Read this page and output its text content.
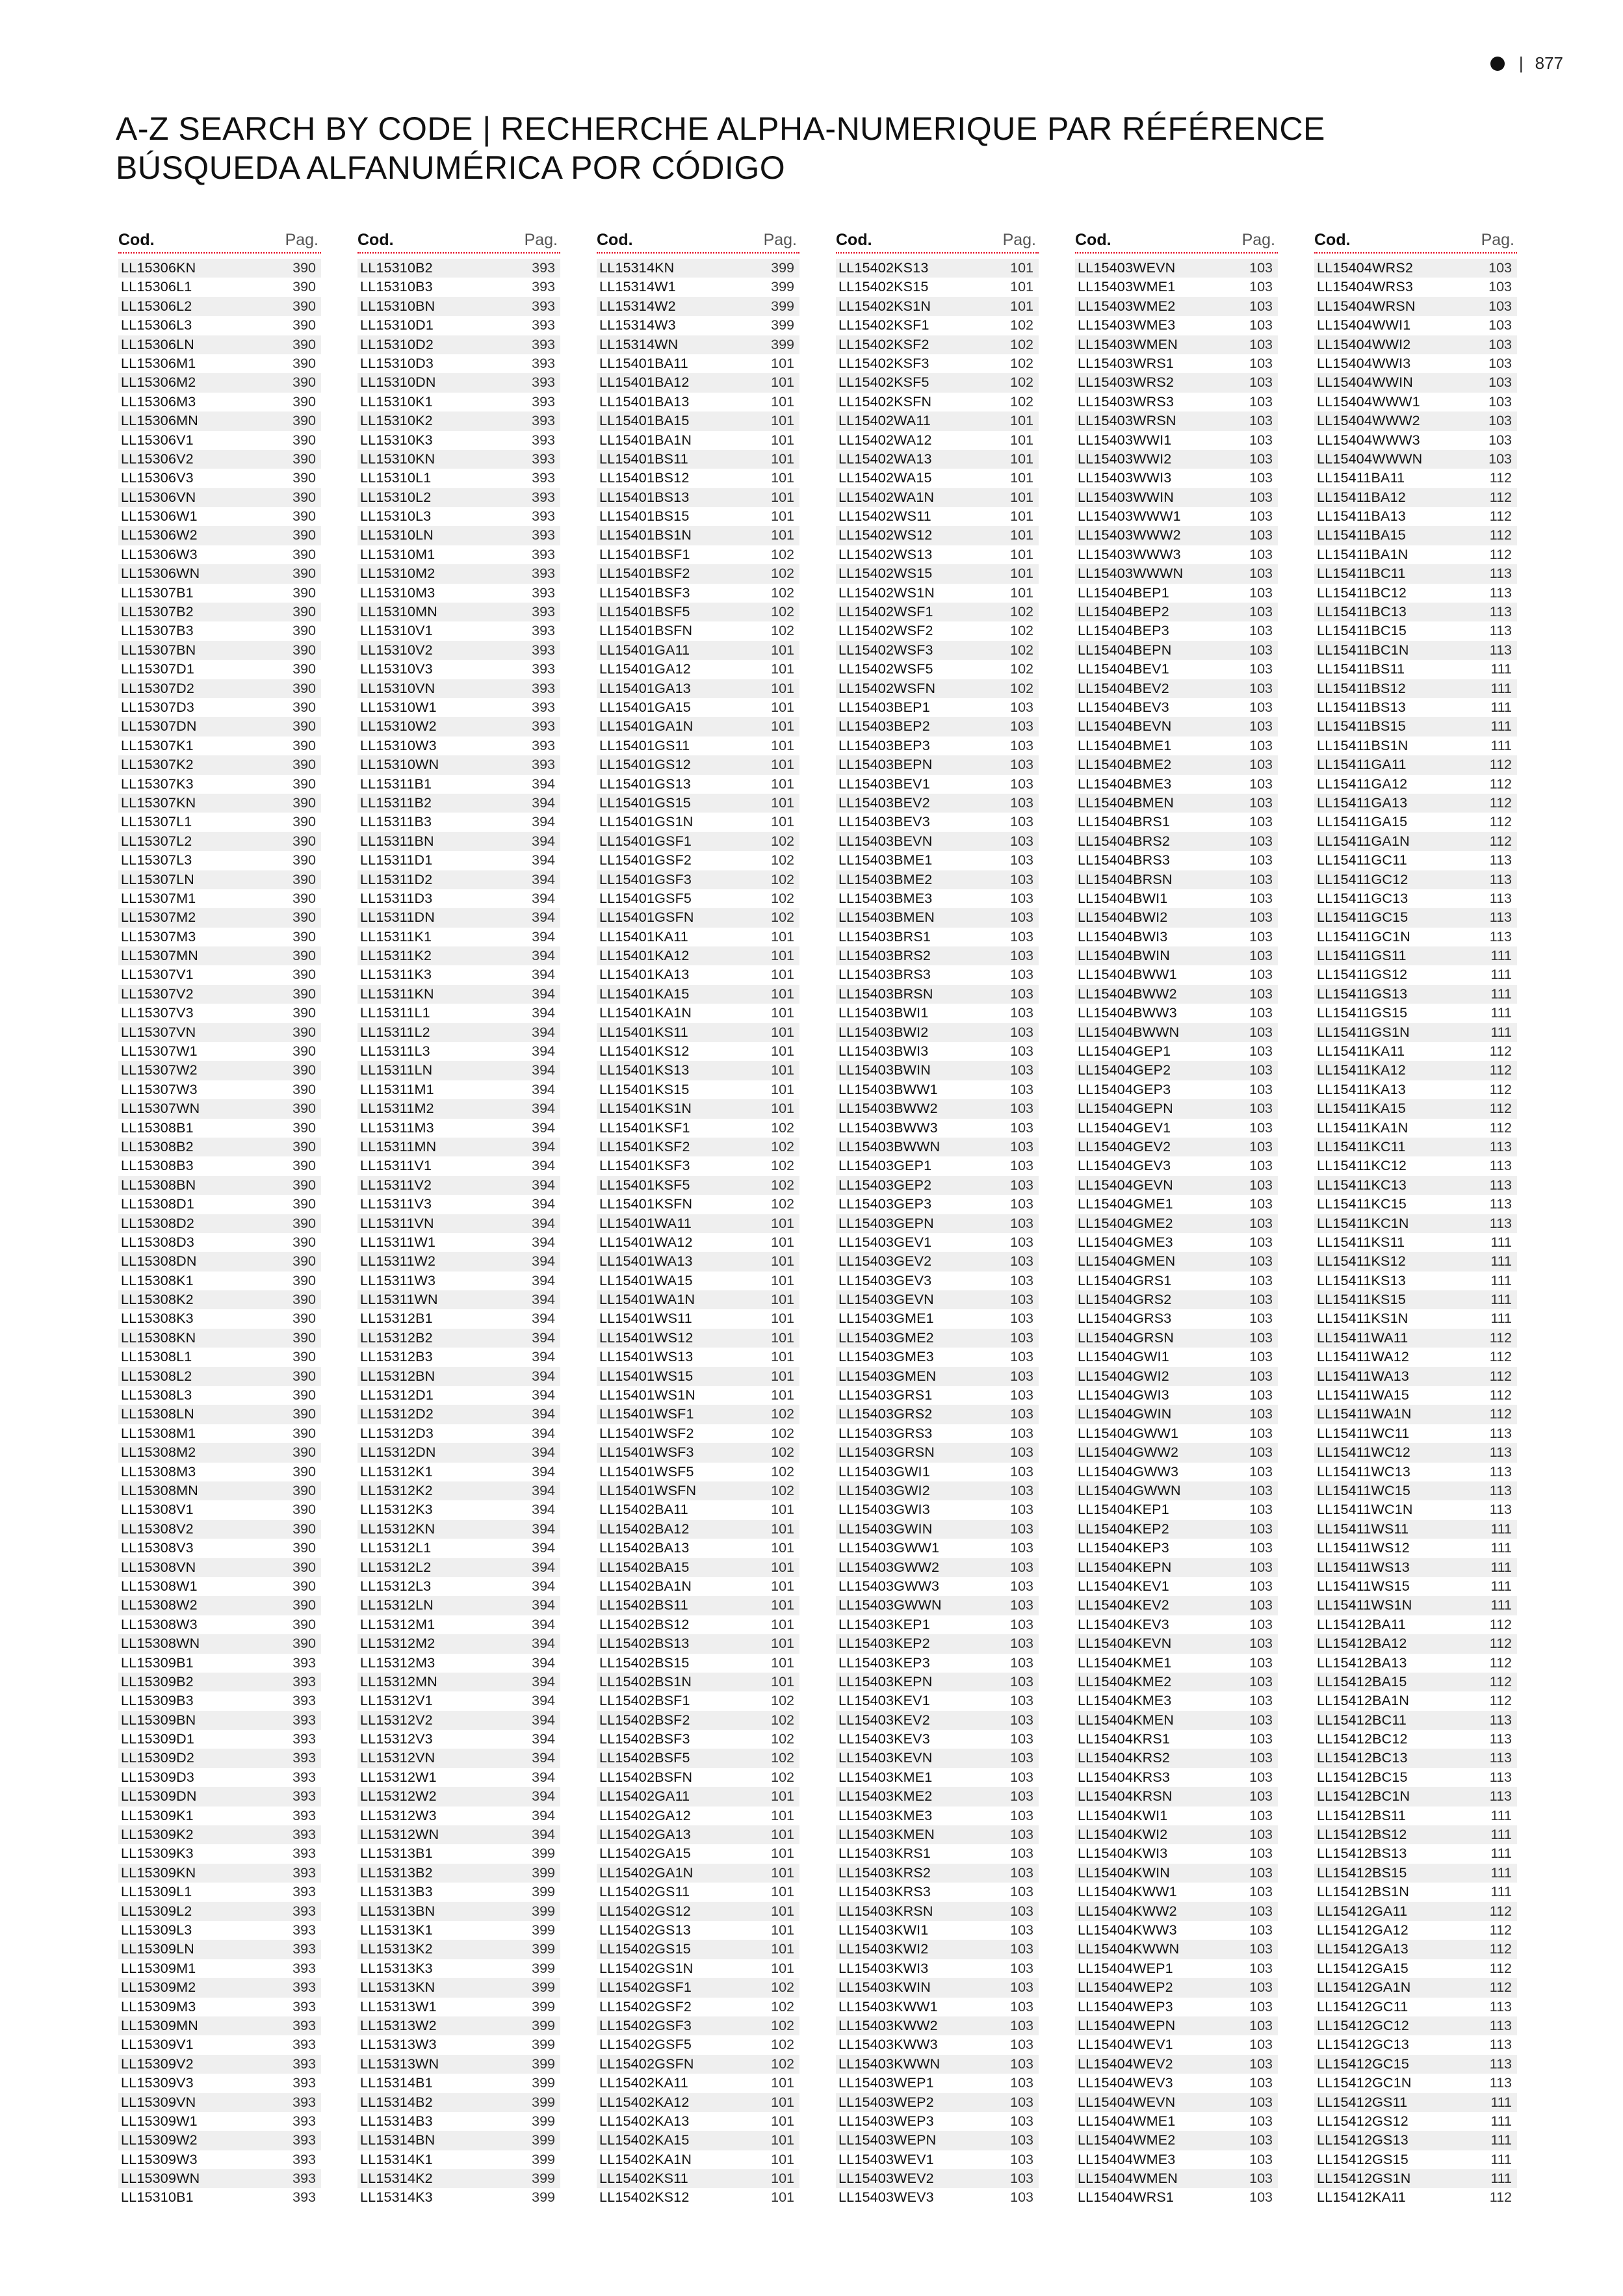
| 877
A-Z SEARCH BY CODE | RECHERCHE ALPHA-NUMERIQUE PAR RÉFÉRENCE
BÚSQUEDA ALFANUMÉRICA POR CÓDIGO
Cod.	Pag.
LL15306KN	390
LL15306L1	390
LL15306L2	390
LL15306L3	390
LL15306LN	390
LL15306M1	390
LL15306M2	390
LL15306M3	390
LL15306MN	390
LL15306V1	390
LL15306V2	390
LL15306V3	390
LL15306VN	390
LL15306W1	390
LL15306W2	390
LL15306W3	390
LL15306WN	390
LL15307B1	390
LL15307B2	390
LL15307B3	390
LL15307BN	390
LL15307D1	390
LL15307D2	390
LL15307D3	390
LL15307DN	390
LL15307K1	390
LL15307K2	390
LL15307K3	390
LL15307KN	390
LL15307L1	390
LL15307L2	390
LL15307L3	390
LL15307LN	390
LL15307M1	390
LL15307M2	390
LL15307M3	390
LL15307MN	390
LL15307V1	390
LL15307V2	390
LL15307V3	390
LL15307VN	390
LL15307W1	390
LL15307W2	390
LL15307W3	390
LL15307WN	390
LL15308B1	390
LL15308B2	390
LL15308B3	390
LL15308BN	390
LL15308D1	390
LL15308D2	390
LL15308D3	390
LL15308DN	390
LL15308K1	390
LL15308K2	390
LL15308K3	390
LL15308KN	390
LL15308L1	390
LL15308L2	390
LL15308L3	390
LL15308LN	390
LL15308M1	390
LL15308M2	390
LL15308M3	390
LL15308MN	390
LL15308V1	390
LL15308V2	390
LL15308V3	390
LL15308VN	390
LL15308W1	390
LL15308W2	390
LL15308W3	390
LL15308WN	390
LL15309B1	393
LL15309B2	393
LL15309B3	393
LL15309BN	393
LL15309D1	393
LL15309D2	393
LL15309D3	393
LL15309DN	393
LL15309K1	393
LL15309K2	393
LL15309K3	393
LL15309KN	393
LL15309L1	393
LL15309L2	393
LL15309L3	393
LL15309LN	393
LL15309M1	393
LL15309M2	393
LL15309M3	393
LL15309MN	393
LL15309V1	393
LL15309V2	393
LL15309V3	393
LL15309VN	393
LL15309W1	393
LL15309W2	393
LL15309W3	393
LL15309WN	393
LL15310B1	393
Cod.	Pag.
LL15310B2	393
LL15310B3	393
LL15310BN	393
LL15310D1	393
LL15310D2	393
LL15310D3	393
LL15310DN	393
LL15310K1	393
LL15310K2	393
LL15310K3	393
LL15310KN	393
LL15310L1	393
LL15310L2	393
LL15310L3	393
LL15310LN	393
LL15310M1	393
LL15310M2	393
LL15310M3	393
LL15310MN	393
LL15310V1	393
LL15310V2	393
LL15310V3	393
LL15310VN	393
LL15310W1	393
LL15310W2	393
LL15310W3	393
LL15310WN	393
LL15311B1	394
LL15311B2	394
LL15311B3	394
LL15311BN	394
LL15311D1	394
LL15311D2	394
LL15311D3	394
LL15311DN	394
LL15311K1	394
LL15311K2	394
LL15311K3	394
LL15311KN	394
LL15311L1	394
LL15311L2	394
LL15311L3	394
LL15311LN	394
LL15311M1	394
LL15311M2	394
LL15311M3	394
LL15311MN	394
LL15311V1	394
LL15311V2	394
LL15311V3	394
LL15311VN	394
LL15311W1	394
LL15311W2	394
LL15311W3	394
LL15311WN	394
LL15312B1	394
LL15312B2	394
LL15312B3	394
LL15312BN	394
LL15312D1	394
LL15312D2	394
LL15312D3	394
LL15312DN	394
LL15312K1	394
LL15312K2	394
LL15312K3	394
LL15312KN	394
LL15312L1	394
LL15312L2	394
LL15312L3	394
LL15312LN	394
LL15312M1	394
LL15312M2	394
LL15312M3	394
LL15312MN	394
LL15312V1	394
LL15312V2	394
LL15312V3	394
LL15312VN	394
LL15312W1	394
LL15312W2	394
LL15312W3	394
LL15312WN	394
LL15313B1	399
LL15313B2	399
LL15313B3	399
LL15313BN	399
LL15313K1	399
LL15313K2	399
LL15313K3	399
LL15313KN	399
LL15313W1	399
LL15313W2	399
LL15313W3	399
LL15313WN	399
LL15314B1	399
LL15314B2	399
LL15314B3	399
LL15314BN	399
LL15314K1	399
LL15314K2	399
LL15314K3	399
Cod.	Pag.
LL15314KN	399
LL15314W1	399
LL15314W2	399
LL15314W3	399
LL15314WN	399
LL15401BA11	101
LL15401BA12	101
LL15401BA13	101
LL15401BA15	101
LL15401BA1N	101
LL15401BS11	101
LL15401BS12	101
LL15401BS13	101
LL15401BS15	101
LL15401BS1N	101
LL15401BSF1	102
LL15401BSF2	102
LL15401BSF3	102
LL15401BSF5	102
LL15401BSFN	102
LL15401GA11	101
LL15401GA12	101
LL15401GA13	101
LL15401GA15	101
LL15401GA1N	101
LL15401GS11	101
LL15401GS12	101
LL15401GS13	101
LL15401GS15	101
LL15401GS1N	101
LL15401GSF1	102
LL15401GSF2	102
LL15401GSF3	102
LL15401GSF5	102
LL15401GSFN	102
LL15401KA11	101
LL15401KA12	101
LL15401KA13	101
LL15401KA15	101
LL15401KA1N	101
LL15401KS11	101
LL15401KS12	101
LL15401KS13	101
LL15401KS15	101
LL15401KS1N	101
LL15401KSF1	102
LL15401KSF2	102
LL15401KSF3	102
LL15401KSF5	102
LL15401KSFN	102
LL15401WA11	101
LL15401WA12	101
LL15401WA13	101
LL15401WA15	101
LL15401WA1N	101
LL15401WS11	101
LL15401WS12	101
LL15401WS13	101
LL15401WS15	101
LL15401WS1N	101
LL15401WSF1	102
LL15401WSF2	102
LL15401WSF3	102
LL15401WSF5	102
LL15401WSFN	102
LL15402BA11	101
LL15402BA12	101
LL15402BA13	101
LL15402BA15	101
LL15402BA1N	101
LL15402BS11	101
LL15402BS12	101
LL15402BS13	101
LL15402BS15	101
LL15402BS1N	101
LL15402BSF1	102
LL15402BSF2	102
LL15402BSF3	102
LL15402BSF5	102
LL15402BSFN	102
LL15402GA11	101
LL15402GA12	101
LL15402GA13	101
LL15402GA15	101
LL15402GA1N	101
LL15402GS11	101
LL15402GS12	101
LL15402GS13	101
LL15402GS15	101
LL15402GS1N	101
LL15402GSF1	102
LL15402GSF2	102
LL15402GSF3	102
LL15402GSF5	102
LL15402GSFN	102
LL15402KA11	101
LL15402KA12	101
LL15402KA13	101
LL15402KA15	101
LL15402KA1N	101
LL15402KS11	101
LL15402KS12	101
Cod.	Pag.
LL15402KS13	101
LL15402KS15	101
LL15402KS1N	101
LL15402KSF1	102
LL15402KSF2	102
LL15402KSF3	102
LL15402KSF5	102
LL15402KSFN	102
LL15402WA11	101
LL15402WA12	101
LL15402WA13	101
LL15402WA15	101
LL15402WA1N	101
LL15402WS11	101
LL15402WS12	101
LL15402WS13	101
LL15402WS15	101
LL15402WS1N	101
LL15402WSF1	102
LL15402WSF2	102
LL15402WSF3	102
LL15402WSF5	102
LL15402WSFN	102
LL15403BEP1	103
LL15403BEP2	103
LL15403BEP3	103
LL15403BEPN	103
LL15403BEV1	103
LL15403BEV2	103
LL15403BEV3	103
LL15403BEVN	103
LL15403BME1	103
LL15403BME2	103
LL15403BME3	103
LL15403BMEN	103
LL15403BRS1	103
LL15403BRS2	103
LL15403BRS3	103
LL15403BRSN	103
LL15403BWI1	103
LL15403BWI2	103
LL15403BWI3	103
LL15403BWIN	103
LL15403BWW1	103
LL15403BWW2	103
LL15403BWW3	103
LL15403BWWN	103
LL15403GEP1	103
LL15403GEP2	103
LL15403GEP3	103
LL15403GEPN	103
LL15403GEV1	103
LL15403GEV2	103
LL15403GEV3	103
LL15403GEVN	103
LL15403GME1	103
LL15403GME2	103
LL15403GME3	103
LL15403GMEN	103
LL15403GRS1	103
LL15403GRS2	103
LL15403GRS3	103
LL15403GRSN	103
LL15403GWI1	103
LL15403GWI2	103
LL15403GWI3	103
LL15403GWIN	103
LL15403GWW1	103
LL15403GWW2	103
LL15403GWW3	103
LL15403GWWN	103
LL15403KEP1	103
LL15403KEP2	103
LL15403KEP3	103
LL15403KEPN	103
LL15403KEV1	103
LL15403KEV2	103
LL15403KEV3	103
LL15403KEVN	103
LL15403KME1	103
LL15403KME2	103
LL15403KME3	103
LL15403KMEN	103
LL15403KRS1	103
LL15403KRS2	103
LL15403KRS3	103
LL15403KRSN	103
LL15403KWI1	103
LL15403KWI2	103
LL15403KWI3	103
LL15403KWIN	103
LL15403KWW1	103
LL15403KWW2	103
LL15403KWW3	103
LL15403KWWN	103
LL15403WEP1	103
LL15403WEP2	103
LL15403WEP3	103
LL15403WEPN	103
LL15403WEV1	103
LL15403WEV2	103
LL15403WEV3	103
Cod.	Pag.
LL15403WEVN	103
LL15403WME1	103
LL15403WME2	103
LL15403WME3	103
LL15403WMEN	103
LL15403WRS1	103
LL15403WRS2	103
LL15403WRS3	103
LL15403WRSN	103
LL15403WWI1	103
LL15403WWI2	103
LL15403WWI3	103
LL15403WWIN	103
LL15403WWW1	103
LL15403WWW2	103
LL15403WWW3	103
LL15403WWWN	103
LL15404BEP1	103
LL15404BEP2	103
LL15404BEP3	103
LL15404BEPN	103
LL15404BEV1	103
LL15404BEV2	103
LL15404BEV3	103
LL15404BEVN	103
LL15404BME1	103
LL15404BME2	103
LL15404BME3	103
LL15404BMEN	103
LL15404BRS1	103
LL15404BRS2	103
LL15404BRS3	103
LL15404BRSN	103
LL15404BWI1	103
LL15404BWI2	103
LL15404BWI3	103
LL15404BWIN	103
LL15404BWW1	103
LL15404BWW2	103
LL15404BWW3	103
LL15404BWWN	103
LL15404GEP1	103
LL15404GEP2	103
LL15404GEP3	103
LL15404GEPN	103
LL15404GEV1	103
LL15404GEV2	103
LL15404GEV3	103
LL15404GEVN	103
LL15404GME1	103
LL15404GME2	103
LL15404GME3	103
LL15404GMEN	103
LL15404GRS1	103
LL15404GRS2	103
LL15404GRS3	103
LL15404GRSN	103
LL15404GWI1	103
LL15404GWI2	103
LL15404GWI3	103
LL15404GWIN	103
LL15404GWW1	103
LL15404GWW2	103
LL15404GWW3	103
LL15404GWWN	103
LL15404KEP1	103
LL15404KEP2	103
LL15404KEP3	103
LL15404KEPN	103
LL15404KEV1	103
LL15404KEV2	103
LL15404KEV3	103
LL15404KEVN	103
LL15404KME1	103
LL15404KME2	103
LL15404KME3	103
LL15404KMEN	103
LL15404KRS1	103
LL15404KRS2	103
LL15404KRS3	103
LL15404KRSN	103
LL15404KWI1	103
LL15404KWI2	103
LL15404KWI3	103
LL15404KWIN	103
LL15404KWW1	103
LL15404KWW2	103
LL15404KWW3	103
LL15404KWWN	103
LL15404WEP1	103
LL15404WEP2	103
LL15404WEP3	103
LL15404WEPN	103
LL15404WEV1	103
LL15404WEV2	103
LL15404WEV3	103
LL15404WEVN	103
LL15404WME1	103
LL15404WME2	103
LL15404WME3	103
LL15404WMEN	103
LL15404WRS1	103
Cod.	Pag.
LL15404WRS2	103
LL15404WRS3	103
LL15404WRSN	103
LL15404WWI1	103
LL15404WWI2	103
LL15404WWI3	103
LL15404WWIN	103
LL15404WWW1	103
LL15404WWW2	103
LL15404WWW3	103
LL15404WWWN	103
LL15411BA11	112
LL15411BA12	112
LL15411BA13	112
LL15411BA15	112
LL15411BA1N	112
LL15411BC11	113
LL15411BC12	113
LL15411BC13	113
LL15411BC15	113
LL15411BC1N	113
LL15411BS11	111
LL15411BS12	111
LL15411BS13	111
LL15411BS15	111
LL15411BS1N	111
LL15411GA11	112
LL15411GA12	112
LL15411GA13	112
LL15411GA15	112
LL15411GA1N	112
LL15411GC11	113
LL15411GC12	113
LL15411GC13	113
LL15411GC15	113
LL15411GC1N	113
LL15411GS11	111
LL15411GS12	111
LL15411GS13	111
LL15411GS15	111
LL15411GS1N	111
LL15411KA11	112
LL15411KA12	112
LL15411KA13	112
LL15411KA15	112
LL15411KA1N	112
LL15411KC11	113
LL15411KC12	113
LL15411KC13	113
LL15411KC15	113
LL15411KC1N	113
LL15411KS11	111
LL15411KS12	111
LL15411KS13	111
LL15411KS15	111
LL15411KS1N	111
LL15411WA11	112
LL15411WA12	112
LL15411WA13	112
LL15411WA15	112
LL15411WA1N	112
LL15411WC11	113
LL15411WC12	113
LL15411WC13	113
LL15411WC15	113
LL15411WC1N	113
LL15411WS11	111
LL15411WS12	111
LL15411WS13	111
LL15411WS15	111
LL15411WS1N	111
LL15412BA11	112
LL15412BA12	112
LL15412BA13	112
LL15412BA15	112
LL15412BA1N	112
LL15412BC11	113
LL15412BC12	113
LL15412BC13	113
LL15412BC15	113
LL15412BC1N	113
LL15412BS11	111
LL15412BS12	111
LL15412BS13	111
LL15412BS15	111
LL15412BS1N	111
LL15412GA11	112
LL15412GA12	112
LL15412GA13	112
LL15412GA15	112
LL15412GA1N	112
LL15412GC11	113
LL15412GC12	113
LL15412GC13	113
LL15412GC15	113
LL15412GC1N	113
LL15412GS11	111
LL15412GS12	111
LL15412GS13	111
LL15412GS15	111
LL15412GS1N	111
LL15412KA11	112
